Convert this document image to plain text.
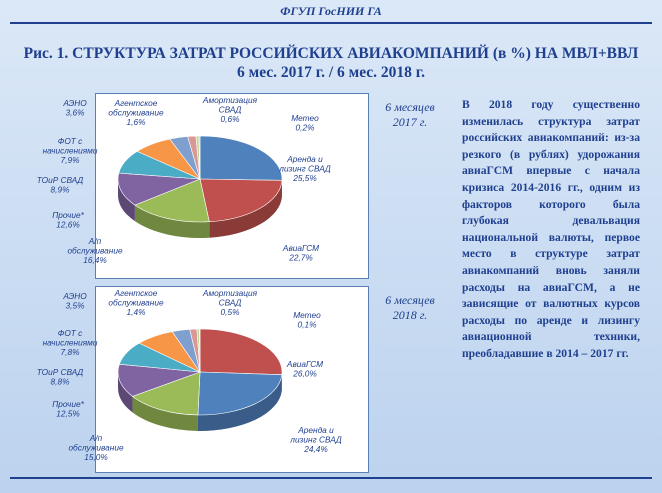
ФГУП ГосНИИ ГА
Рис. 1. СТРУКТУРА ЗАТРАТ РОССИЙСКИХ АВИАКОМПАНИЙ (в %) НА МВЛ+ВВЛ
6 мес. 2017 г. / 6 мес. 2018 г.
Аренда и лизинг СВАД 25,5%
АвиаГСМ 22,7%
А/п обслуживание 16,4%
Прочие* 12,6%
ТОиР СВАД 8,9%
ФОТ с начислениями 7,9%
АЭНО 3,6%
Агентское обслуживание 1,6%
Амортизация СВАД 0,6%	Метео 0,2%
АвиаГСМ 26,0%
Аренда и лизинг СВАД 24,4%
А/п обслуживание 15,0%
Прочие* 12,5%
ТОиР СВАД 8,8%
ФОТ с начислениями 7,8%
АЭНО 3,5%
Агентское обслуживание 1,4%
Амортизация СВАД 0,5%	Метео 0,1%
6 месяцев
2017 г.
6 месяцев
2018 г.
В 2018 году существенно изменилась структура затрат российских авиакомпаний: из-за резкого (в рублях) удорожания авиаГСМ впервые с начала кризиса 2014-2016 гг., одним из факторов которого была глубокая девальвация национальной валюты, первое место в структуре затрат авиакомпаний вновь заняли расходы на авиаГСМ, а не зависящие от валютных курсов расходы по аренде и лизингу авиационной техники, преобладавшие в 2014 – 2017 гг.
